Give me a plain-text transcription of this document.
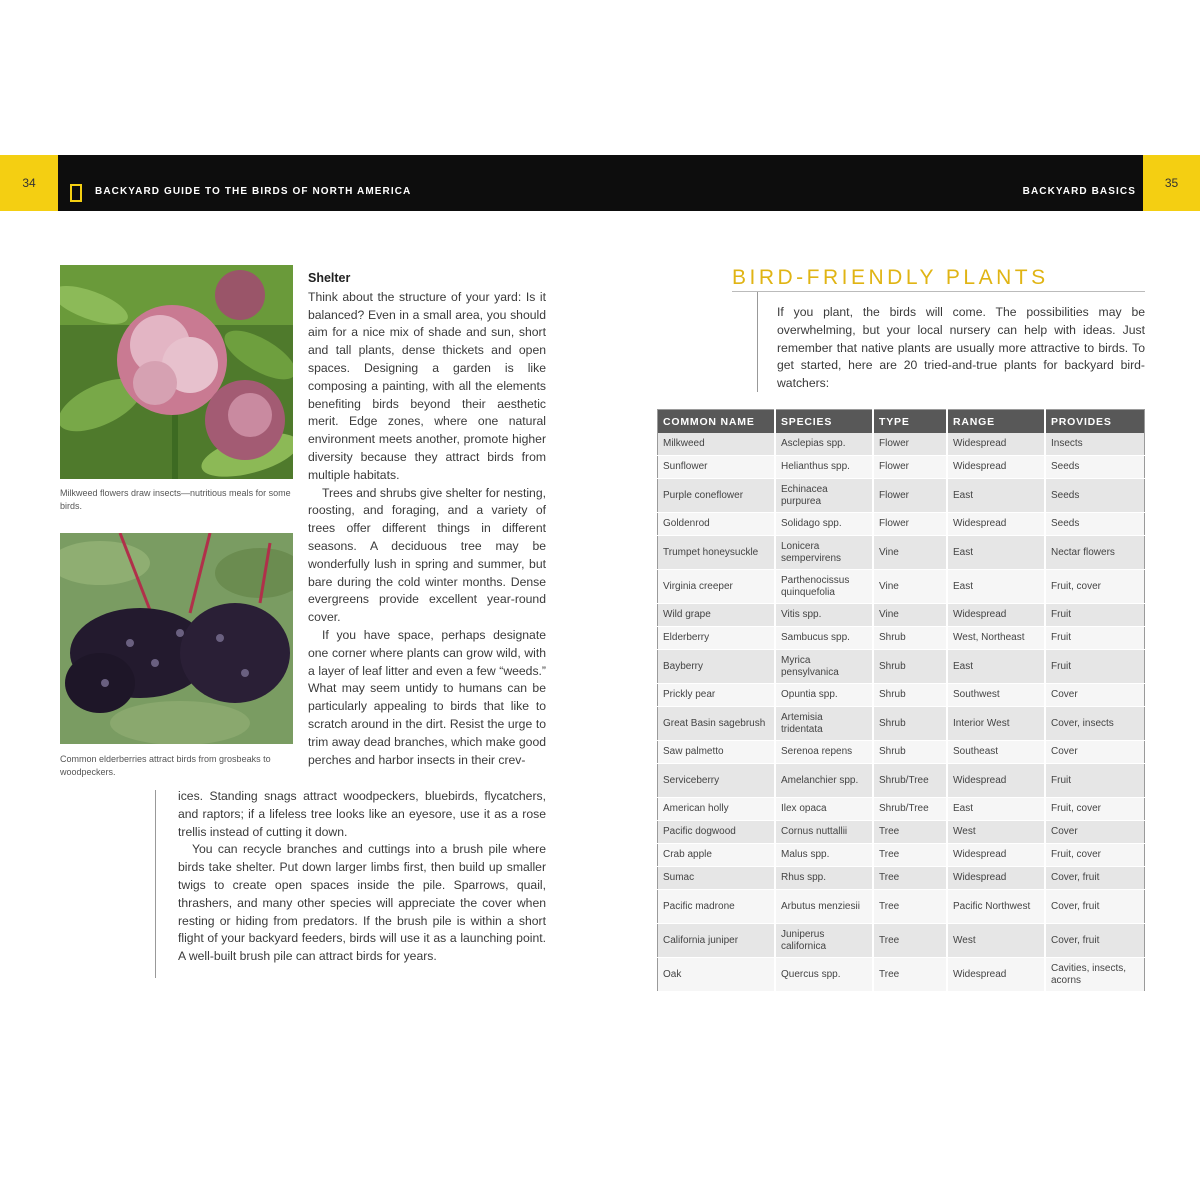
34
BACKYARD GUIDE TO THE BIRDS OF NORTH AMERICA	BACKYARD BASICS
35
Milkweed flowers draw insects—nutritious meals for some birds.
Common elderberries attract birds from grosbeaks to woodpeckers.
Shelter

Think about the structure of your yard: Is it balanced? Even in a small area, you should aim for a nice mix of shade and sun, short and tall plants, dense thickets and open spaces. Designing a garden is like composing a painting, with all the elements benefiting birds beyond their aesthetic merit. Edge zones, where one natural environment meets another, promote higher diversity because they attract birds from multiple habitats.

Trees and shrubs give shelter for nesting, roosting, and foraging, and a variety of trees offer different things in different seasons. A deciduous tree may be wonderfully lush in spring and summer, but bare during the cold winter months. Dense evergreens provide excellent year-round cover.

If you have space, perhaps designate one corner where plants can grow wild, with a layer of leaf litter and even a few “weeds.” What may seem untidy to humans can be particularly appealing to birds that like to scratch around in the dirt. Resist the urge to trim away dead branches, which make good perches and harbor insects in their crev-

ices. Standing snags attract woodpeckers, bluebirds, flycatchers, and raptors; if a lifeless tree looks like an eyesore, use it as a rose trellis instead of cutting it down.

You can recycle branches and cuttings into a brush pile where birds take shelter. Put down larger limbs first, then build up smaller twigs to create open spaces inside the pile. Sparrows, quail, thrashers, and many other species will appreciate the cover when resting or hiding from predators. If the brush pile is within a short flight of your backyard feeders, birds will use it as a launching point. A well-built brush pile can attract birds for years.

BIRD-FRIENDLY PLANTS
If you plant, the birds will come. The possibilities may be overwhelming, but your local nursery can help with ideas. Just remember that native plants are usually more attractive to birds. To get started, here are 20 tried-and-true plants for backyard bird-watchers:
COMMON NAME	SPECIES	TYPE	RANGE	PROVIDES
Milkweed	Asclepias spp.	Flower	Widespread	Insects
Sunflower	Helianthus spp.	Flower	Widespread	Seeds
Purple coneflower	Echinacea purpurea	Flower	East	Seeds
Goldenrod	Solidago spp.	Flower	Widespread	Seeds
Trumpet honeysuckle	Lonicera sempervirens	Vine	East	Nectar flowers
Virginia creeper	Parthenocissus quinquefolia	Vine	East	Fruit, cover
Wild grape	Vitis spp.	Vine	Widespread	Fruit
Elderberry	Sambucus spp.	Shrub	West, Northeast	Fruit
Bayberry	Myrica pensylvanica	Shrub	East	Fruit
Prickly pear	Opuntia spp.	Shrub	Southwest	Cover
Great Basin sagebrush	Artemisia tridentata	Shrub	Interior West	Cover, insects
Saw palmetto	Serenoa repens	Shrub	Southeast	Cover
Serviceberry	Amelanchier spp.	Shrub/Tree	Widespread	Fruit
American holly	Ilex opaca	Shrub/Tree	East	Fruit, cover
Pacific dogwood	Cornus nuttallii	Tree	West	Cover
Crab apple	Malus spp.	Tree	Widespread	Fruit, cover
Sumac	Rhus spp.	Tree	Widespread	Cover, fruit
Pacific madrone	Arbutus menziesii	Tree	Pacific Northwest	Cover, fruit
California juniper	Juniperus californica	Tree	West	Cover, fruit
Oak	Quercus spp.	Tree	Widespread	Cavities, insects, acorns
